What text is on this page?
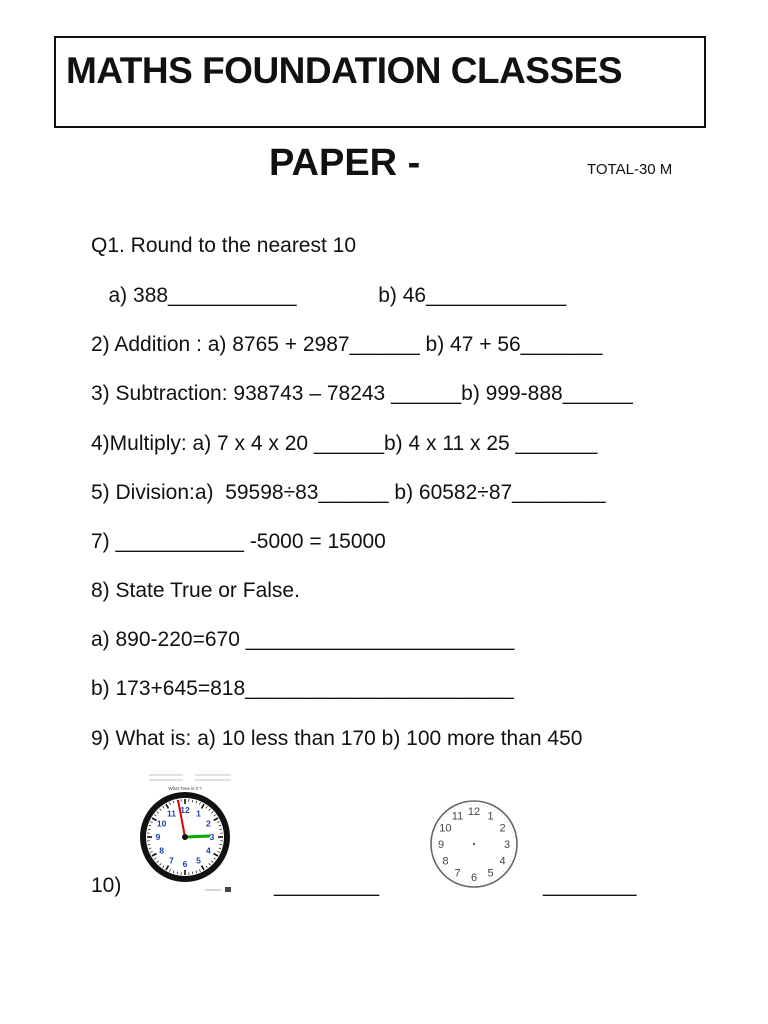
MATHS FOUNDATION CLASSES
PAPER -	TOTAL-30 M
Q1. Round to the nearest 10
a) 388___________              b) 46____________
2) Addition : a) 8765 + 2987______ b) 47 + 56_______
3) Subtraction: 938743 – 78243 ______b) 999-888______
4)Multiply: a) 7 x 4 x 20 ______b) 4 x 11 x 25 _______
5) Division:a)  59598÷83______ b) 60582÷87________
7) ___________ -5000 = 15000
8) State True or False.
a) 890-220=670 _______________________
b) 173+645=818_______________________
9) What is: a) 10 less than 170 b) 100 more than 450
10)	_________	________
What Time is it ?
12 1
2
3
4
5
6
7
8
9
10
11	12 1
2
3
4
5
6
7
8
9
10
11
